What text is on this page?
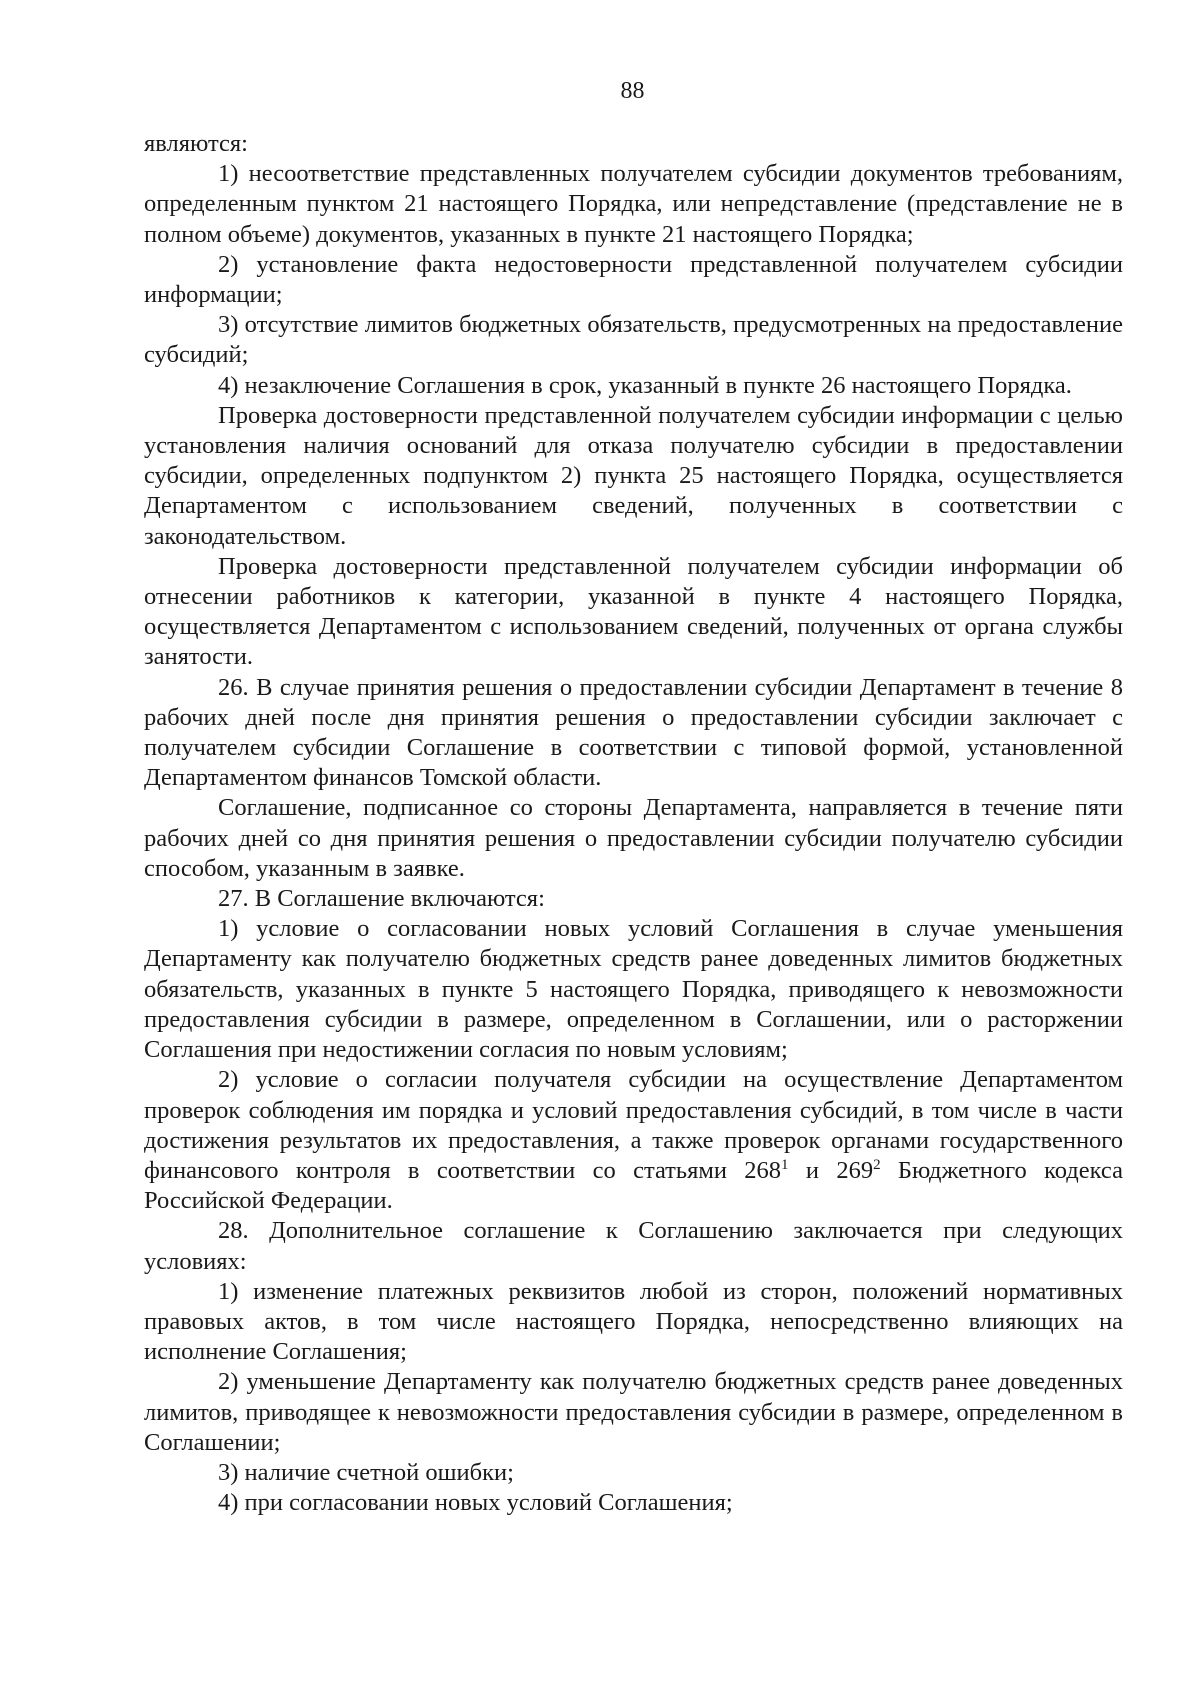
88

являются:

1) несоответствие представленных получателем субсидии документов требованиям, определенным пунктом 21 настоящего Порядка, или непредставление (представление не в полном объеме) документов, указанных в пункте 21 настоящего Порядка;

2) установление факта недостоверности представленной получателем субсидии информации;

3) отсутствие лимитов бюджетных обязательств, предусмотренных на предоставление субсидий;

4) незаключение Соглашения в срок, указанный в пункте 26 настоящего Порядка.

Проверка достоверности представленной получателем субсидии информации с целью установления наличия оснований для отказа получателю субсидии в предоставлении субсидии, определенных подпунктом 2) пункта 25 настоящего Порядка, осуществляется Департаментом с использованием сведений, полученных в соответствии с законодательством.

Проверка достоверности представленной получателем субсидии информации об отнесении работников к категории, указанной в пункте 4 настоящего Порядка, осуществляется Департаментом с использованием сведений, полученных от органа службы занятости.

26. В случае принятия решения о предоставлении субсидии Департамент в течение 8 рабочих дней после дня принятия решения о предоставлении субсидии заключает с получателем субсидии Соглашение в соответствии с типовой формой, установленной Департаментом финансов Томской области.

Соглашение, подписанное со стороны Департамента, направляется в течение пяти рабочих дней со дня принятия решения о предоставлении субсидии получателю субсидии способом, указанным в заявке.

27. В Соглашение включаются:

1) условие о согласовании новых условий Соглашения в случае уменьшения Департаменту как получателю бюджетных средств ранее доведенных лимитов бюджетных обязательств, указанных в пункте 5 настоящего Порядка, приводящего к невозможности предоставления субсидии в размере, определенном в Соглашении, или о расторжении Соглашения при недостижении согласия по новым условиям;

2) условие о согласии получателя субсидии на осуществление Департаментом проверок соблюдения им порядка и условий предоставления субсидий, в том числе в части достижения результатов их предоставления, а также проверок органами государственного финансового контроля в соответствии со статьями $268^1$ и $269^2$ Бюджетного кодекса Российской Федерации.

28. Дополнительное соглашение к Соглашению заключается при следующих условиях:

1) изменение платежных реквизитов любой из сторон, положений нормативных правовых актов, в том числе настоящего Порядка, непосредственно влияющих на исполнение Соглашения;

2) уменьшение Департаменту как получателю бюджетных средств ранее доведенных лимитов, приводящее к невозможности предоставления субсидии в размере, определенном в Соглашении;

3) наличие счетной ошибки;

4) при согласовании новых условий Соглашения;
